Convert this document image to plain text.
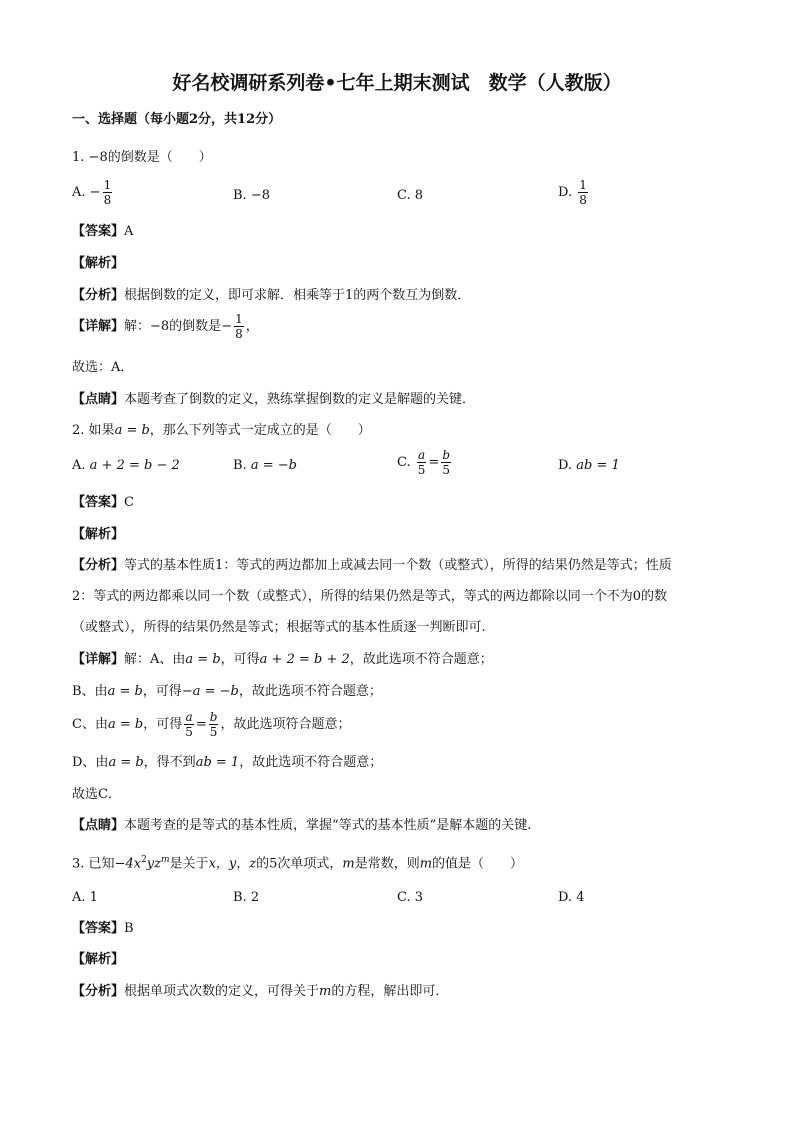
好名校调研系列卷•七年上期末测试　数学（人教版）
一、选择题（每小题2分，共12分）
1. −8的倒数是（　　）
A. − $\frac{1}{8}$	B. −8	C. 8	D. $\frac{1}{8}$
【答案】A
【解析】
【分析】根据倒数的定义，即可求解．相乘等于1的两个数互为倒数．
【详解】解：−8的倒数是− $\frac{1}{8}$ ，
故选：A．
【点睛】本题考查了倒数的定义，熟练掌握倒数的定义是解题的关键．
2. 如果a = b，那么下列等式一定成立的是（　　）
A. a + 2 = b − 2	B. a = −b	C. $\frac{a}{5} = \frac{b}{5}$	D. ab = 1
【答案】C
【解析】
【分析】等式的基本性质1：等式的两边都加上或减去同一个数（或整式），所得的结果仍然是等式；性质
2：等式的两边都乘以同一个数（或整式），所得的结果仍然是等式，等式的两边都除以同一个不为0的数
（或整式），所得的结果仍然是等式；根据等式的基本性质逐一判断即可.
【详解】解：A、由a = b，可得a + 2 = b + 2，故此选项不符合题意；
B、由a = b，可得−a = −b，故此选项不符合题意；
C、由a = b，可得 $\frac{a}{5} = \frac{b}{5}$ ，故此选项符合题意；
D、由a = b，得不到ab = 1，故此选项不符合题意；
故选C．
【点睛】本题考查的是等式的基本性质，掌握“等式的基本性质”是解本题的关键.
3. 已知$-4x^2yz^m$是关于x，y，z的5次单项式，m是常数，则m的值是（　　）
A. 1	B. 2	C. 3	D. 4
【答案】B
【解析】
【分析】根据单项式次数的定义，可得关于m的方程，解出即可．
